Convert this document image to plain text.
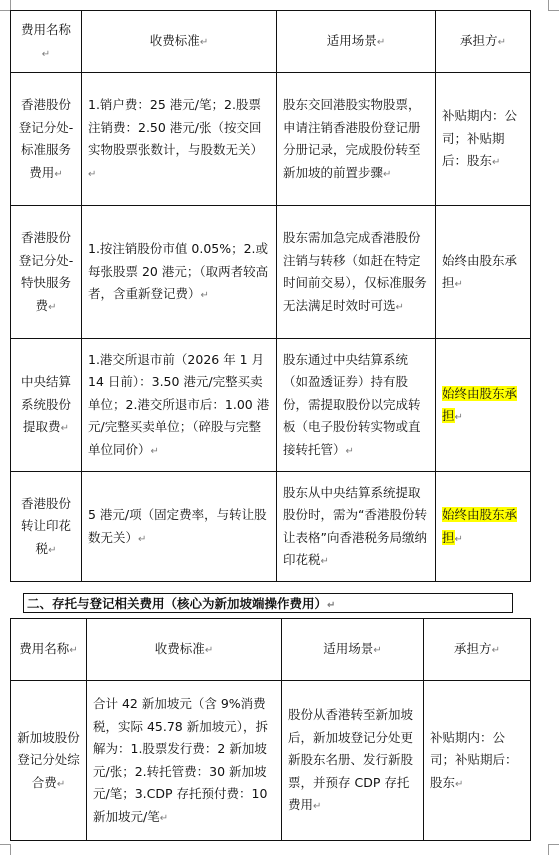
费用名称↵	收费标准↵	适用场景↵	承担方↵
香港股份登记分处-标准服务费用↵	1.销户费：25 港元/笔；2.股票注销费：2.50 港元/张（按交回实物股票张数计，与股数无关）↵	股东交回港股实物股票，申请注销香港股份登记册分册记录，完成股份转至新加坡的前置步骤↵	补贴期内：公司；补贴期后：股东↵
香港股份登记分处-特快服务费↵	1.按注销股份市值 0.05%；2.或每张股票 20 港元；（取两者较高者，含重新登记费）↵	股东需加急完成香港股份注销与转移（如赶在特定时间前交易），仅标准服务无法满足时效时可选↵	始终由股东承担↵
中央结算系统股份提取费↵	1.港交所退市前（2026 年 1 月 14 日前）：3.50 港元/完整买卖单位；2.港交所退市后：1.00 港元/完整买卖单位；（碎股与完整单位同价）↵	股东通过中央结算系统（如盈透证券）持有股份，需提取股份以完成转板（电子股份转实物或直接转托管）↵	始终由股东承担↵
香港股份转让印花税↵	5 港元/项（固定费率，与转让股数无关）↵	股东从中央结算系统提取股份时，需为“香港股份转让表格”向香港税务局缴纳印花税↵	始终由股东承担↵
二、存托与登记相关费用（核心为新加坡端操作费用）↵
费用名称↵	收费标准↵	适用场景↵	承担方↵
新加坡股份登记分处综合费↵	合计 42 新加坡元（含 9%消费税，实际 45.78 新加坡元），拆解为：1.股票发行费：2 新加坡元/张；2.转托管费：30 新加坡元/笔；3.CDP 存托预付费：10 新加坡元/笔↵	股份从香港转至新加坡后，新加坡登记分处更新股东名册、发行新股票，并预存 CDP 存托费用↵	补贴期内：公司；补贴期后：股东↵
